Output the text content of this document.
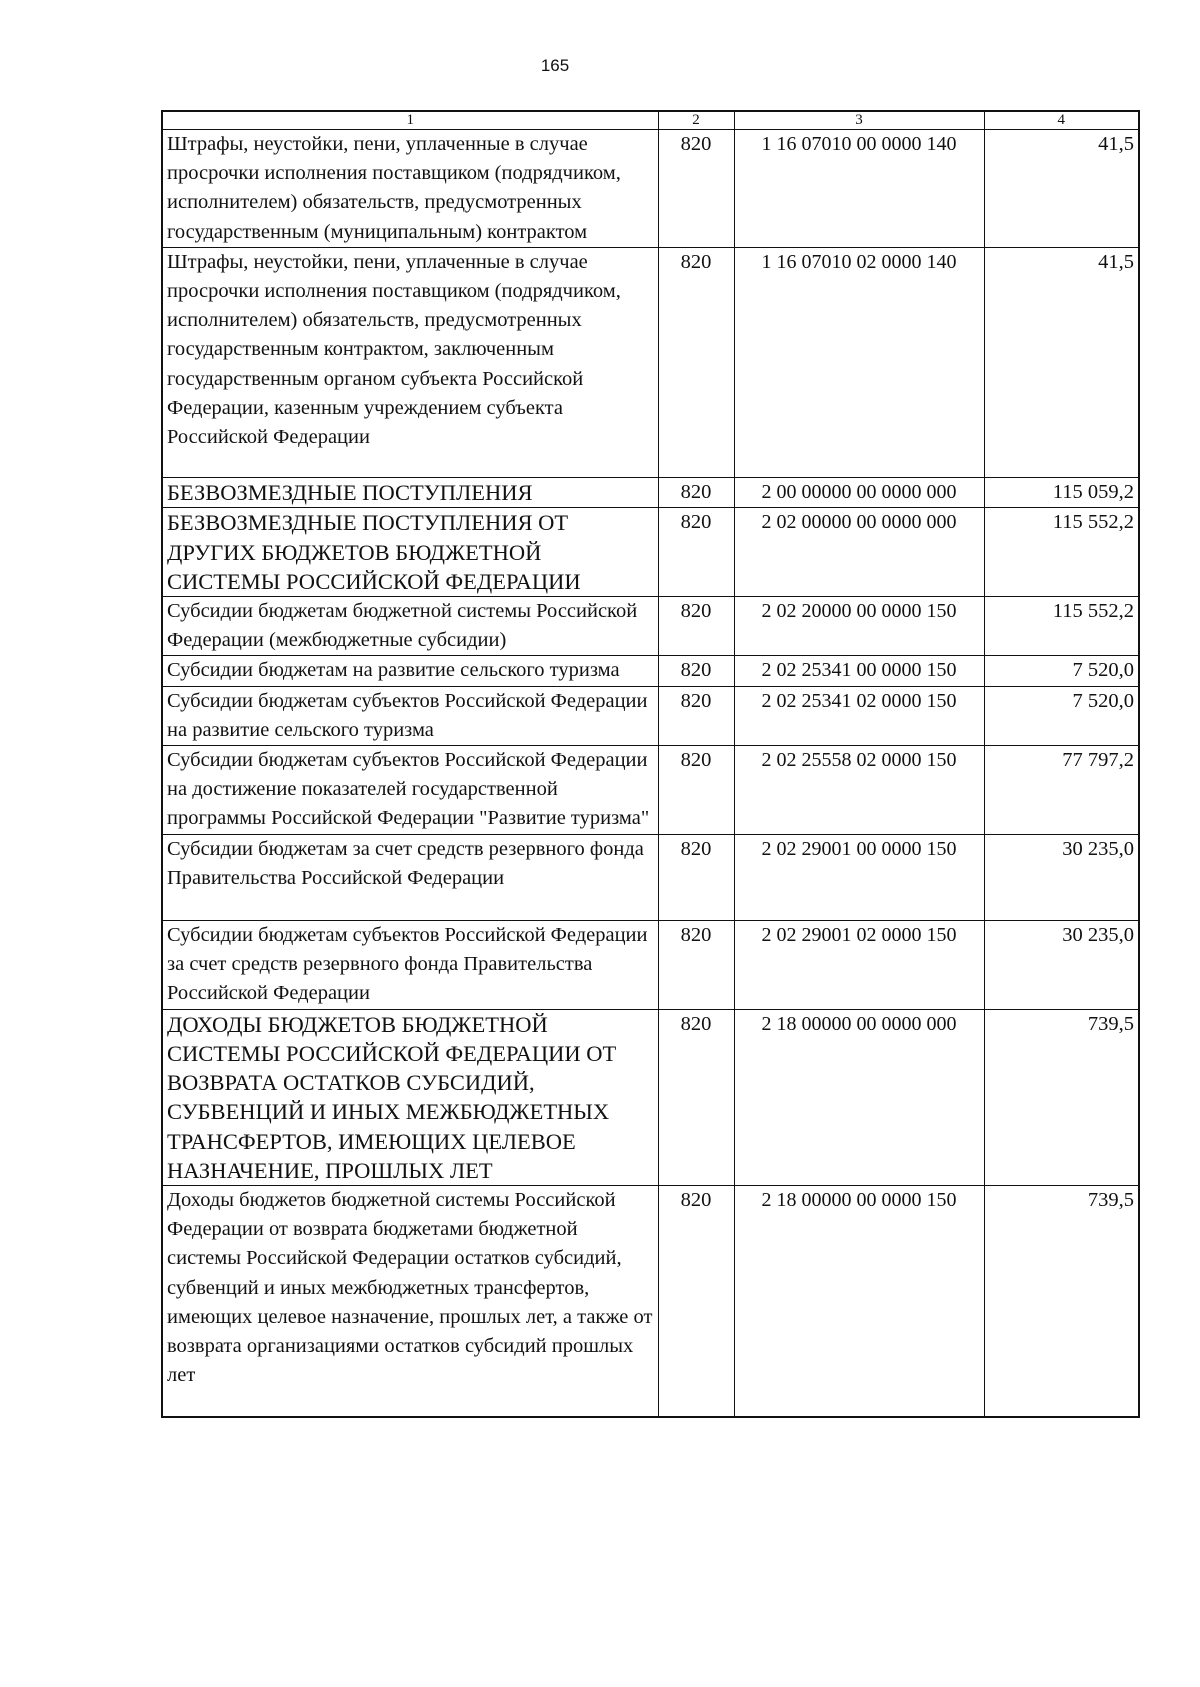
165
1	2	3	4
Штрафы, неустойки, пени, уплаченные в случае просрочки исполнения поставщиком (подрядчиком, исполнителем) обязательств, предусмотренных государственным (муниципальным) контрактом	820	1 16 07010 00 0000 140	41,5
Штрафы, неустойки, пени, уплаченные в случае просрочки исполнения поставщиком (подрядчиком, исполнителем) обязательств, предусмотренных государственным контрактом, заключенным государственным органом субъекта Российской Федерации, казенным учреждением субъекта Российской Федерации	820	1 16 07010 02 0000 140	41,5
БЕЗВОЗМЕЗДНЫЕ ПОСТУПЛЕНИЯ	820	2 00 00000 00 0000 000	115 059,2
БЕЗВОЗМЕЗДНЫЕ ПОСТУПЛЕНИЯ ОТ ДРУГИХ БЮДЖЕТОВ БЮДЖЕТНОЙ СИСТЕМЫ РОССИЙСКОЙ ФЕДЕРАЦИИ	820	2 02 00000 00 0000 000	115 552,2
Субсидии бюджетам бюджетной системы Российской Федерации (межбюджетные субсидии)	820	2 02 20000 00 0000 150	115 552,2
Субсидии бюджетам на развитие сельского туризма	820	2 02 25341 00 0000 150	7 520,0
Субсидии бюджетам субъектов Российской Федерации на развитие сельского туризма	820	2 02 25341 02 0000 150	7 520,0
Субсидии бюджетам субъектов Российской Федерации на достижение показателей государственной программы Российской Федерации "Развитие туризма"	820	2 02 25558 02 0000 150	77 797,2
Субсидии бюджетам за счет средств резервного фонда Правительства Российской Федерации	820	2 02 29001 00 0000 150	30 235,0
Субсидии бюджетам субъектов Российской Федерации за счет средств резервного фонда Правительства Российской Федерации	820	2 02 29001 02 0000 150	30 235,0
ДОХОДЫ БЮДЖЕТОВ БЮДЖЕТНОЙ СИСТЕМЫ РОССИЙСКОЙ ФЕДЕРАЦИИ ОТ ВОЗВРАТА ОСТАТКОВ СУБСИДИЙ, СУБВЕНЦИЙ И ИНЫХ МЕЖБЮДЖЕТНЫХ ТРАНСФЕРТОВ, ИМЕЮЩИХ ЦЕЛЕВОЕ НАЗНАЧЕНИЕ, ПРОШЛЫХ ЛЕТ	820	2 18 00000 00 0000 000	739,5
Доходы бюджетов бюджетной системы Российской Федерации от возврата бюджетами бюджетной системы Российской Федерации остатков субсидий, субвенций и иных межбюджетных трансфертов, имеющих целевое назначение, прошлых лет, а также от возврата организациями остатков субсидий прошлых лет	820	2 18 00000 00 0000 150	739,5
